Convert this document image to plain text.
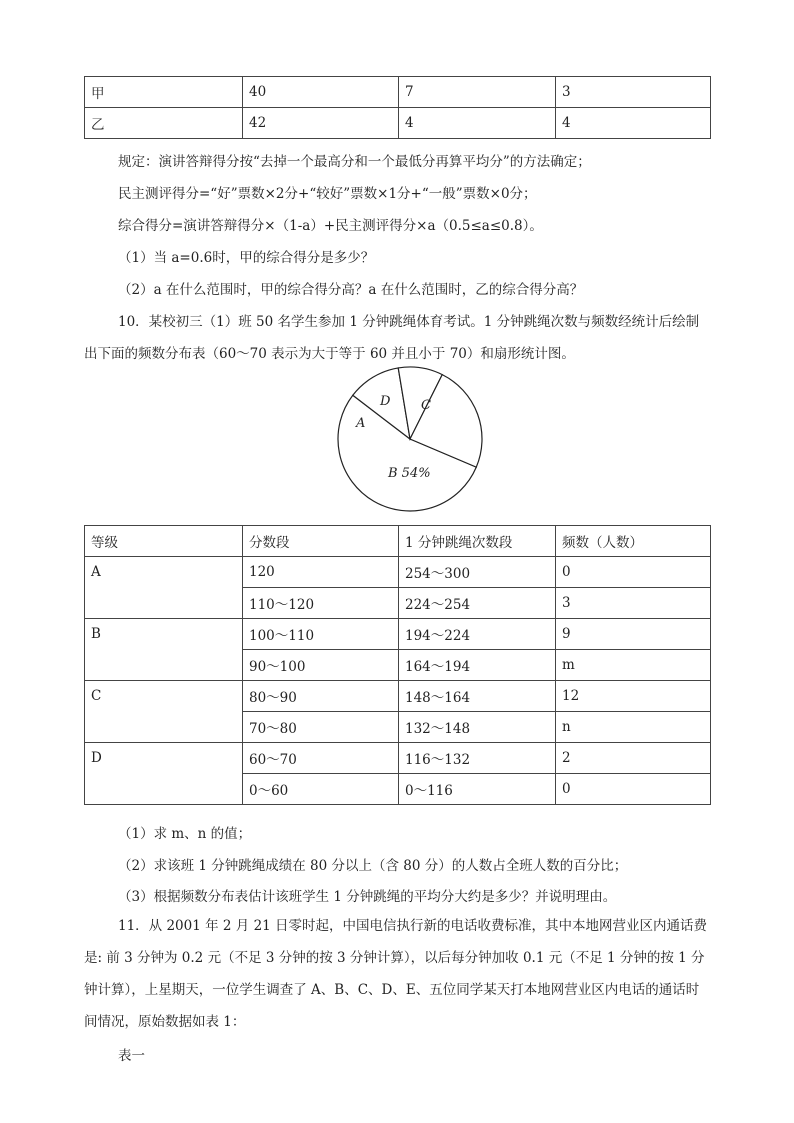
甲	40	7	3
乙	42	4	4
规定：演讲答辩得分按“去掉一个最高分和一个最低分再算平均分”的方法确定；
民主测评得分=“好”票数×2分+“较好”票数×1分+“一般”票数×0分；
综合得分=演讲答辩得分×（1-a）+民主测评得分×a（0.5≤a≤0.8）。
（1）当 a=0.6时，甲的综合得分是多少？
（2）a 在什么范围时，甲的综合得分高？a 在什么范围时，乙的综合得分高？
10．某校初三（1）班 50 名学生参加 1 分钟跳绳体育考试。1 分钟跳绳次数与频数经统计后绘制
出下面的频数分布表（60～70 表示为大于等于 60 并且小于 70）和扇形统计图。
A
D C
B 54%
等级	分数段	1 分钟跳绳次数段	频数（人数）
A	120	254～300	0
	110～120	224～254	3
B	100～110	194～224	9
	90～100	164～194	m
C	80～90	148～164	12
	70～80	132～148	n
D	60～70	116～132	2
	0～60	0～116	0
（1）求 m、n 的值；
（2）求该班 1 分钟跳绳成绩在 80 分以上（含 80 分）的人数占全班人数的百分比；
（3）根据频数分布表估计该班学生 1 分钟跳绳的平均分大约是多少？并说明理由。
11．从 2001 年 2 月 21 日零时起，中国电信执行新的电话收费标准，其中本地网营业区内通话费是: 前 3 分钟为 0.2 元（不足 3 分钟的按 3 分钟计算），以后每分钟加收 0.1 元（不足 1 分钟的按 1 分钟计算），上星期天，一位学生调查了 A、B、C、D、E、五位同学某天打本地网营业区内电话的通话时间情况，原始数据如表 1：
表一
